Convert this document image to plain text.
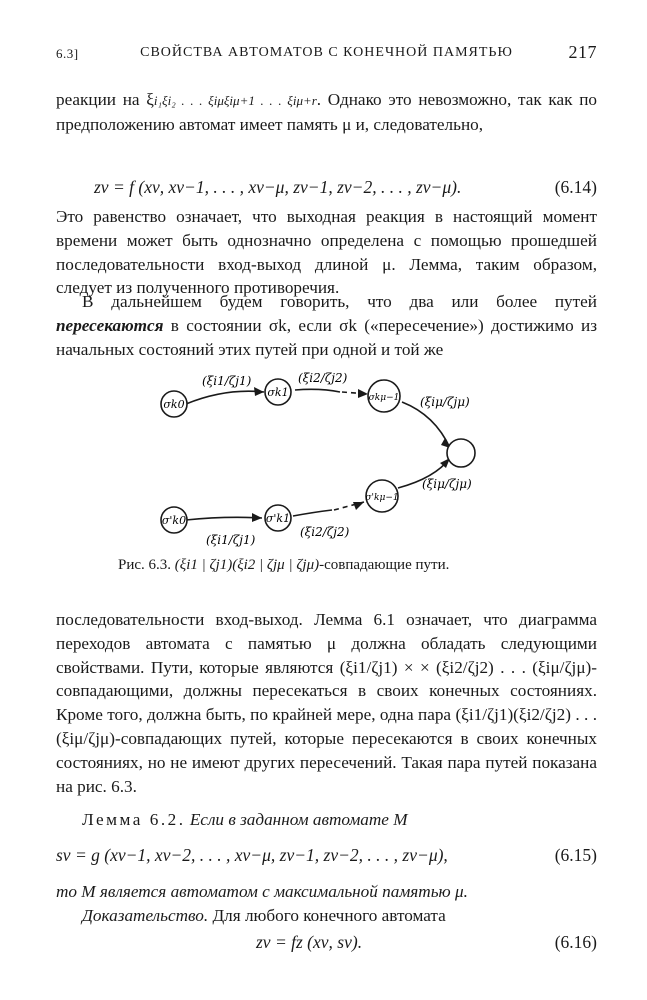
6.3]	СВОЙСТВА АВТОМАТОВ С КОНЕЧНОЙ ПАМЯТЬЮ	217

реакции на ξi₁ξi₂ . . . ξiμξiμ+1 . . . ξiμ+r. Однако это невозможно, так как по предположению автомат имеет память μ и, следовательно,

zν = f (xν, xν−1, . . . , xν−μ, zν−1, zν−2, . . . , zν−μ).	(6.14)

Это равенство означает, что выходная реакция в настоящий момент времени может быть однозначно определена с помощью прошедшей последовательности вход-выход длиной μ. Лемма, таким образом, следует из полученного противоречия.

В дальнейшем будем говорить, что два или более путей пересекаются в состоянии σk, если σk («пересечение») достижимо из начальных состояний этих путей при одной и той же

σk0
σk1	σkμ−1
σ'k0	σ'k1
σ'kμ−1
(ξi1/ζj1)	(ξi2/ζj2)
(ξiμ/ζjμ)
(ξi1/ζj1)
(ξi2/ζj2)
(ξiμ/ζjμ)
Рис. 6.3. (ξi1 | ζj1)(ξi2 | ζjμ | ζjμ)-совпадающие пути.

последовательности вход-выход. Лемма 6.1 означает, что диаграмма переходов автомата с памятью μ должна обладать следующими свойствами. Пути, которые являются (ξi1/ζj1) × × (ξi2/ζj2) . . . (ξiμ/ζjμ)-совпадающими, должны пересекаться в своих конечных состояниях. Кроме того, должна быть, по крайней мере, одна пара (ξi1/ζj1)(ξi2/ζj2) . . . (ξiμ/ζjμ)-совпадающих путей, которые пересекаются в своих конечных состояниях, но не имеют других пересечений. Такая пара путей показана на рис. 6.3.

Лемма 6.2. Если в заданном автомате M

sν = g (xν−1, xν−2, . . . , xν−μ, zν−1, zν−2, . . . , zν−μ),	(6.15)

то M является автоматом с максимальной памятью μ.

Доказательство. Для любого конечного автомата

zν = fz (xν, sν).	(6.16)
